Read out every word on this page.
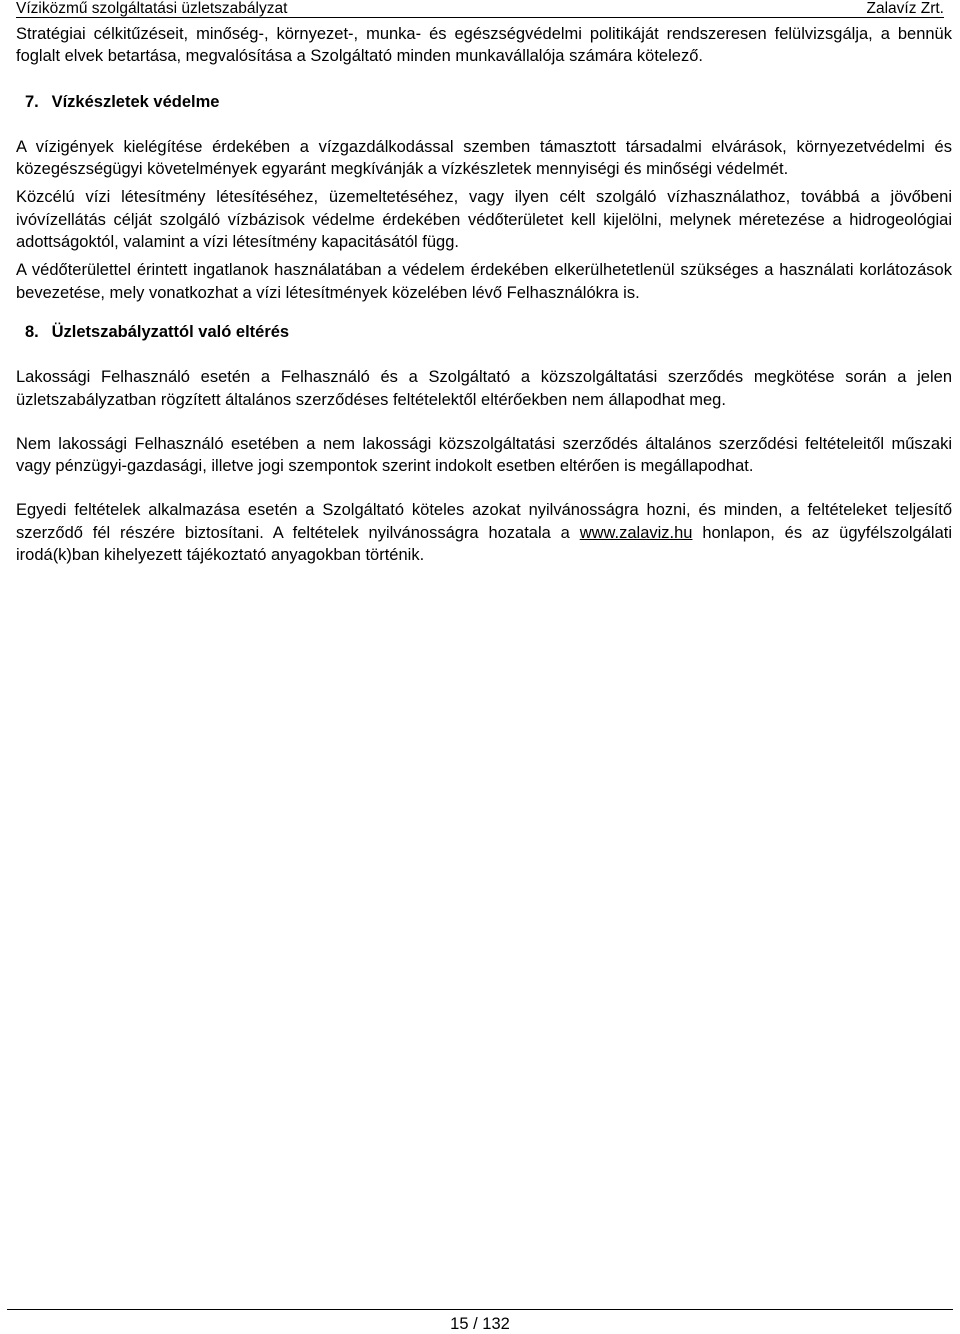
Víziközmű szolgáltatási üzletszabályzat	Zalavíz Zrt.

Stratégiai célkitűzéseit, minőség-, környezet-, munka- és egészségvédelmi politikáját rendszeresen felülvizsgálja, a bennük foglalt elvek betartása, megvalósítása a Szolgáltató minden munkavállalója számára kötelező.

7. Vízkészletek védelme

A vízigények kielégítése érdekében a vízgazdálkodással szemben támasztott társadalmi elvárások, környezetvédelmi és közegészségügyi követelmények egyaránt megkívánják a vízkészletek mennyiségi és minőségi védelmét.

Közcélú vízi létesítmény létesítéséhez, üzemeltetéséhez, vagy ilyen célt szolgáló vízhasználathoz, továbbá a jövőbeni ivóvízellátás célját szolgáló vízbázisok védelme érdekében védőterületet kell kijelölni, melynek méretezése a hidrogeológiai adottságoktól, valamint a vízi létesítmény kapacitásától függ.

A védőterülettel érintett ingatlanok használatában a védelem érdekében elkerülhetetlenül szükséges a használati korlátozások bevezetése, mely vonatkozhat a vízi létesítmények közelében lévő Felhasználókra is.

8. Üzletszabályzattól való eltérés

Lakossági Felhasználó esetén a Felhasználó és a Szolgáltató a közszolgáltatási szerződés megkötése során a jelen üzletszabályzatban rögzített általános szerződéses feltételektől eltérőekben nem állapodhat meg.

Nem lakossági Felhasználó esetében a nem lakossági közszolgáltatási szerződés általános szerződési feltételeitől műszaki vagy pénzügyi-gazdasági, illetve jogi szempontok szerint indokolt esetben eltérően is megállapodhat.

Egyedi feltételek alkalmazása esetén a Szolgáltató köteles azokat nyilvánosságra hozni, és minden, a feltételeket teljesítő szerződő fél részére biztosítani. A feltételek nyilvánosságra hozatala a www.zalaviz.hu honlapon, és az ügyfélszolgálati irodá(k)ban kihelyezett tájékoztató anyagokban történik.

15 / 132
